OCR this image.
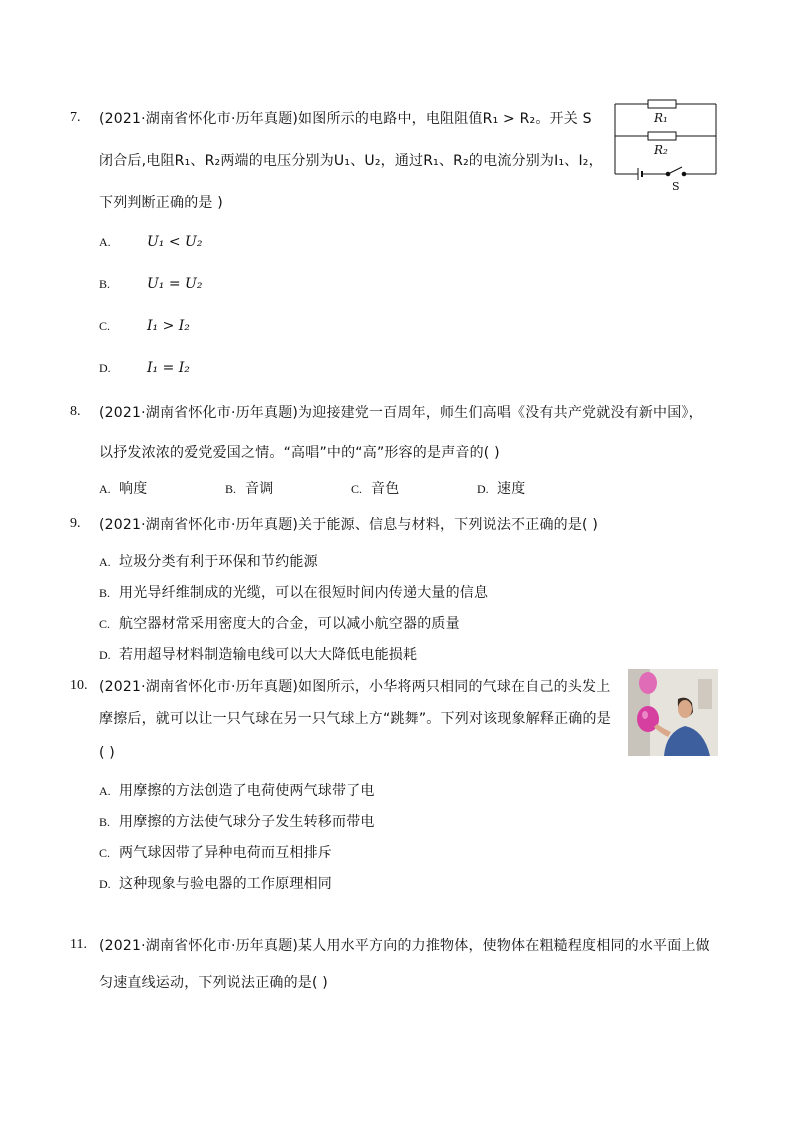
7. (2021·湖南省怀化市·历年真题)如图所示的电路中，电阻阻值R₁ > R₂。开关 S
闭合后,电阻R₁、R₂两端的电压分别为U₁、U₂，通过R₁、R₂的电流分别为I₁、I₂，
下列判断正确的是 )
A.	U₁ < U₂
B.	U₁ = U₂
C.	I₁ > I₂
D.	I₁ = I₂
R₁
R₂
S
8. (2021·湖南省怀化市·历年真题)为迎接建党一百周年，师生们高唱《没有共产党就没有新中国》，
以抒发浓浓的爱党爱国之情。“高唱”中的“高”形容的是声音的( )
A. 响度	B. 音调	C. 音色	D. 速度
9. (2021·湖南省怀化市·历年真题)关于能源、信息与材料，下列说法不正确的是( )
A. 垃圾分类有利于环保和节约能源
B. 用光导纤维制成的光缆，可以在很短时间内传递大量的信息
C. 航空器材常采用密度大的合金，可以减小航空器的质量
D. 若用超导材料制造输电线可以大大降低电能损耗
10. (2021·湖南省怀化市·历年真题)如图所示，小华将两只相同的气球在自己的头发上
摩擦后，就可以让一只气球在另一只气球上方“跳舞”。下列对该现象解释正确的是
( )
A. 用摩擦的方法创造了电荷使两气球带了电
B. 用摩擦的方法使气球分子发生转移而带电
C. 两气球因带了异种电荷而互相排斥
D. 这种现象与验电器的工作原理相同
11. (2021·湖南省怀化市·历年真题)某人用水平方向的力推物体，使物体在粗糙程度相同的水平面上做
匀速直线运动，下列说法正确的是( )
